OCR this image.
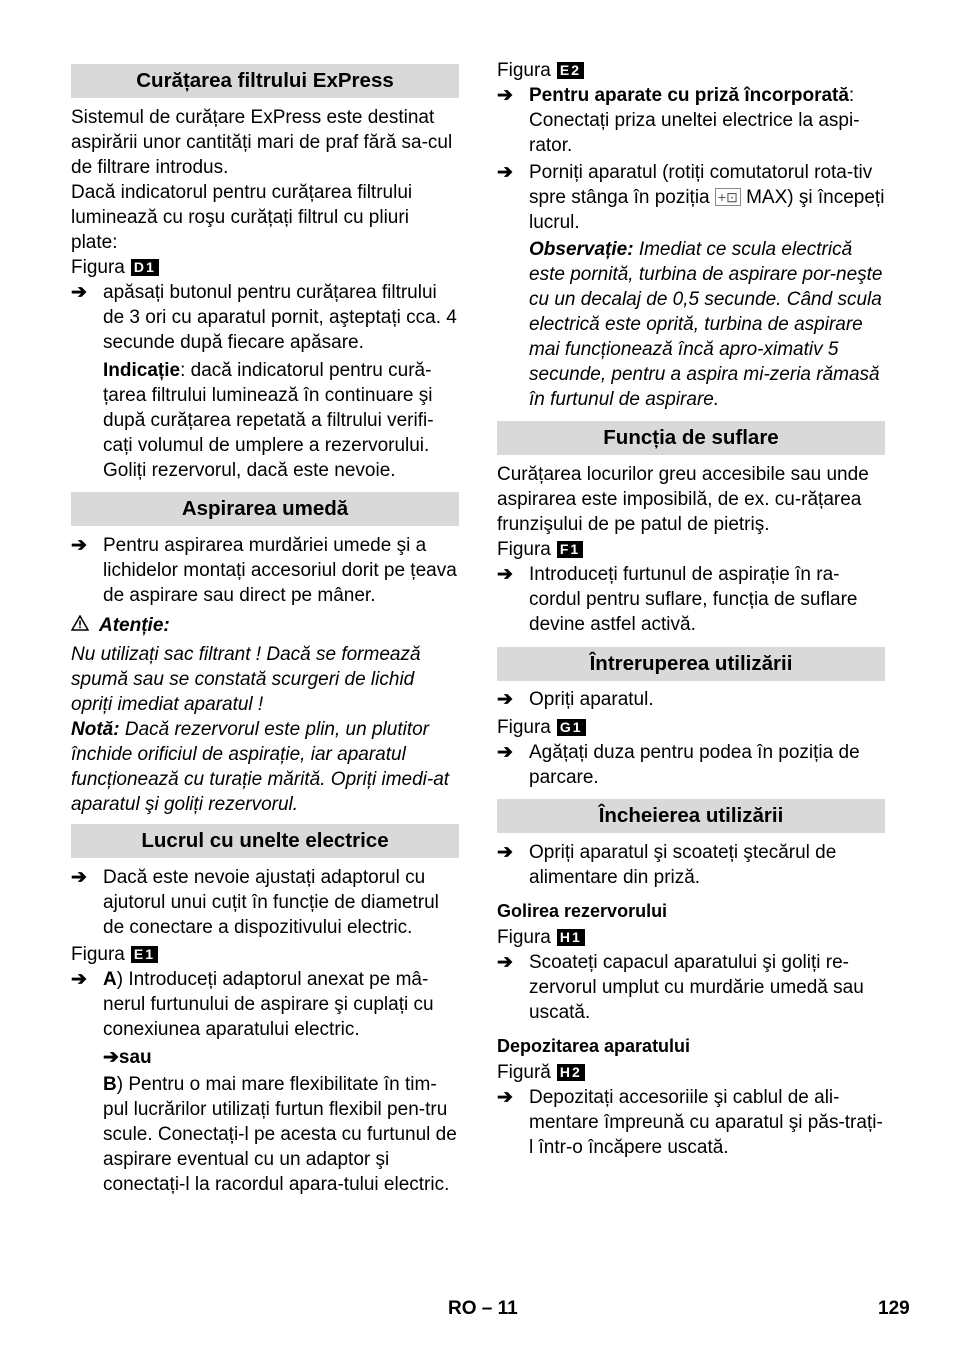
Curățarea filtrului ExPress
Sistemul de curățare ExPress este destinat aspirării unor cantități mari de praf fără sa-cul de filtrare introdus.
Dacă indicatorul pentru curățarea filtrului luminează cu roşu curățați filtrul cu pliuri plate:
Figura D1
➔ apăsați butonul pentru curățarea filtrului de 3 ori cu aparatul pornit, aşteptați cca. 4 secunde după fiecare apăsare.
Indicație: dacă indicatorul pentru cură-țarea filtrului luminează în continuare şi după curățarea repetată a filtrului verifi-cați volumul de umplere a rezervorului. Goliți rezervorul, dacă este nevoie.
Aspirarea umedă
➔ Pentru aspirarea murdăriei umede şi a lichidelor montați accesoriul dorit pe țeava de aspirare sau direct pe mâner.
Atenție:
Nu utilizați sac filtrant ! Dacă se formează spumă sau se constată scurgeri de lichid opriți imediat aparatul !
Notă: Dacă rezervorul este plin, un plutitor închide orificiul de aspirație, iar aparatul funcționează cu turație mărită. Opriți imedi-at aparatul şi goliți rezervorul.
Lucrul cu unelte electrice
➔ Dacă este nevoie ajustați adaptorul cu ajutorul unui cuțit în funcție de diametrul de conectare a dispozitivului electric.
Figura E1
➔ A) Introduceți adaptorul anexat pe mâ-nerul furtunului de aspirare şi cuplați cu conexiunea aparatului electric.
➔sau
B) Pentru o mai mare flexibilitate în tim-pul lucrărilor utilizați furtun flexibil pen-tru scule. Conectați-l pe acesta cu furtunul de aspirare eventual cu un adaptor şi conectați-l la racordul apara-tului electric.
Figura E2
➔ Pentru aparate cu priză încorporată: Conectați priza uneltei electrice la aspi-rator.
➔ Porniți aparatul (rotiți comutatorul rota-tiv spre stânga în poziția +⊡ MAX) şi începeți lucrul.
Observație: Imediat ce scula electrică este pornită, turbina de aspirare por-neşte cu un decalaj de 0,5 secunde. Când scula electrică este oprită, turbina de aspirare mai funcționează încă apro-ximativ 5 secunde, pentru a aspira mi-zeria rămasă în furtunul de aspirare.
Funcția de suflare
Curățarea locurilor greu accesibile sau unde aspirarea este imposibilă, de ex. cu-rățarea frunzişului de pe patul de pietriş.
Figura F1
➔ Introduceți furtunul de aspirație în ra-cordul pentru suflare, funcția de suflare devine astfel activă.
Întreruperea utilizării
➔ Opriți aparatul.
Figura G1
➔ Agățați duza pentru podea în poziția de parcare.
Încheierea utilizării
➔ Opriți aparatul şi scoateți ştecărul de alimentare din priză.
Golirea rezervorului
Figura H1
➔ Scoateți capacul aparatului şi goliți re-zervorul umplut cu murdărie umedă sau uscată.
Depozitarea aparatului
Figură H2
➔ Depozitați accesoriile şi cablul de ali-mentare împreună cu aparatul şi păs-trați-l într-o încăpere uscată.
RO – 11	129
